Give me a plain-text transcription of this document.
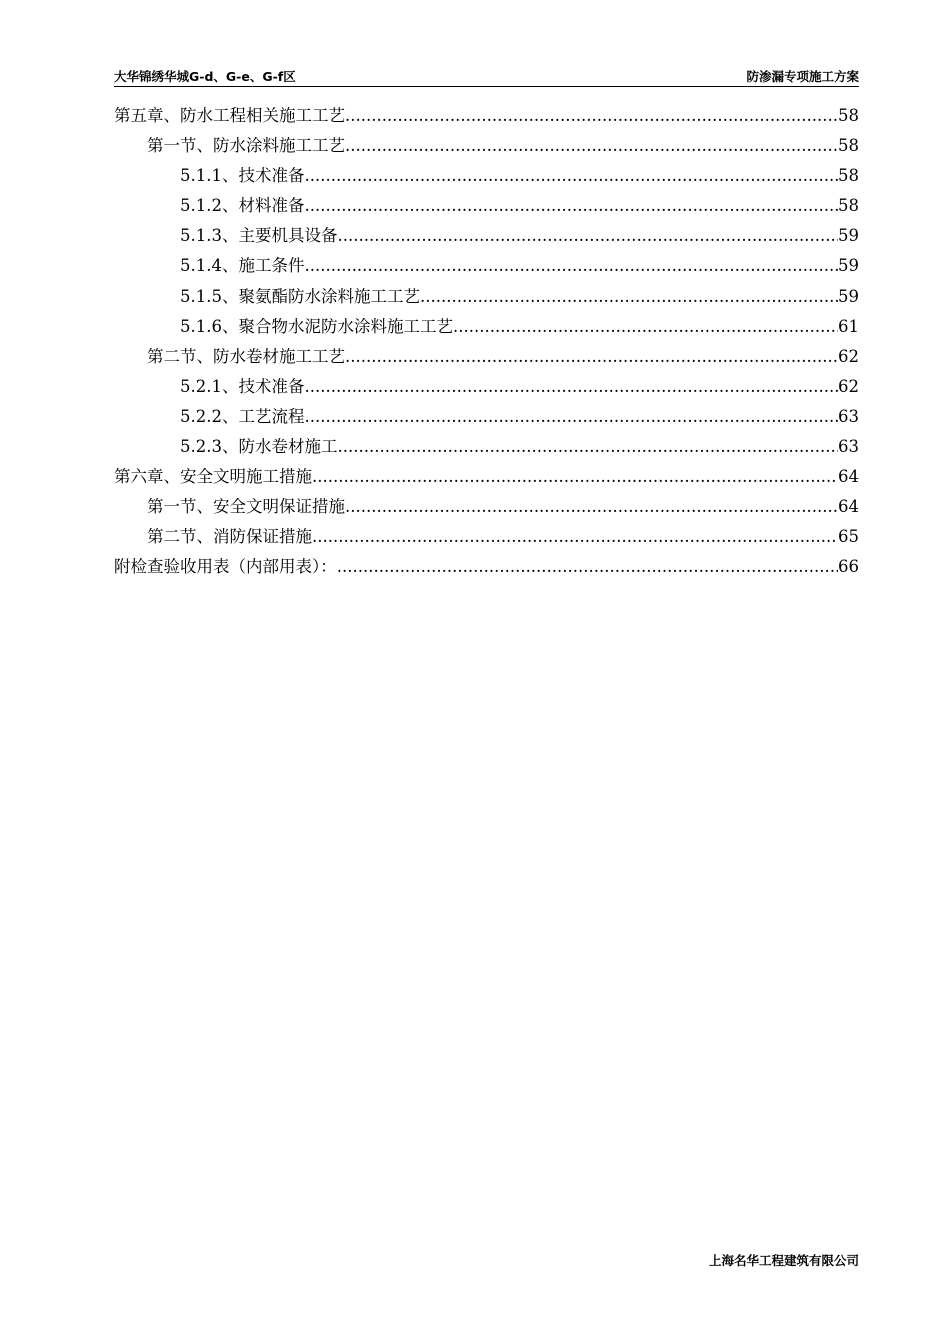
大华锦绣华城G-d、G-e、G-f区	防渗漏专项施工方案
第五章、防水工程相关施工工艺 .....	58
第一节、防水涂料施工工艺 .....	58
5.1.1、技术准备 .....	58
5.1.2、材料准备 .....	58
5.1.3、主要机具设备 .....	59
5.1.4、施工条件 .....	59
5.1.5、聚氨酯防水涂料施工工艺 .....	59
5.1.6、聚合物水泥防水涂料施工工艺 .....	61
第二节、防水卷材施工工艺 .....	62
5.2.1、技术准备 .....	62
5.2.2、工艺流程 .....	63
5.2.3、防水卷材施工 .....	63
第六章、安全文明施工措施 .....	64
第一节、安全文明保证措施 .....	64
第二节、消防保证措施 .....	65
附检查验收用表（内部用表）： .....	66
上海名华工程建筑有限公司
